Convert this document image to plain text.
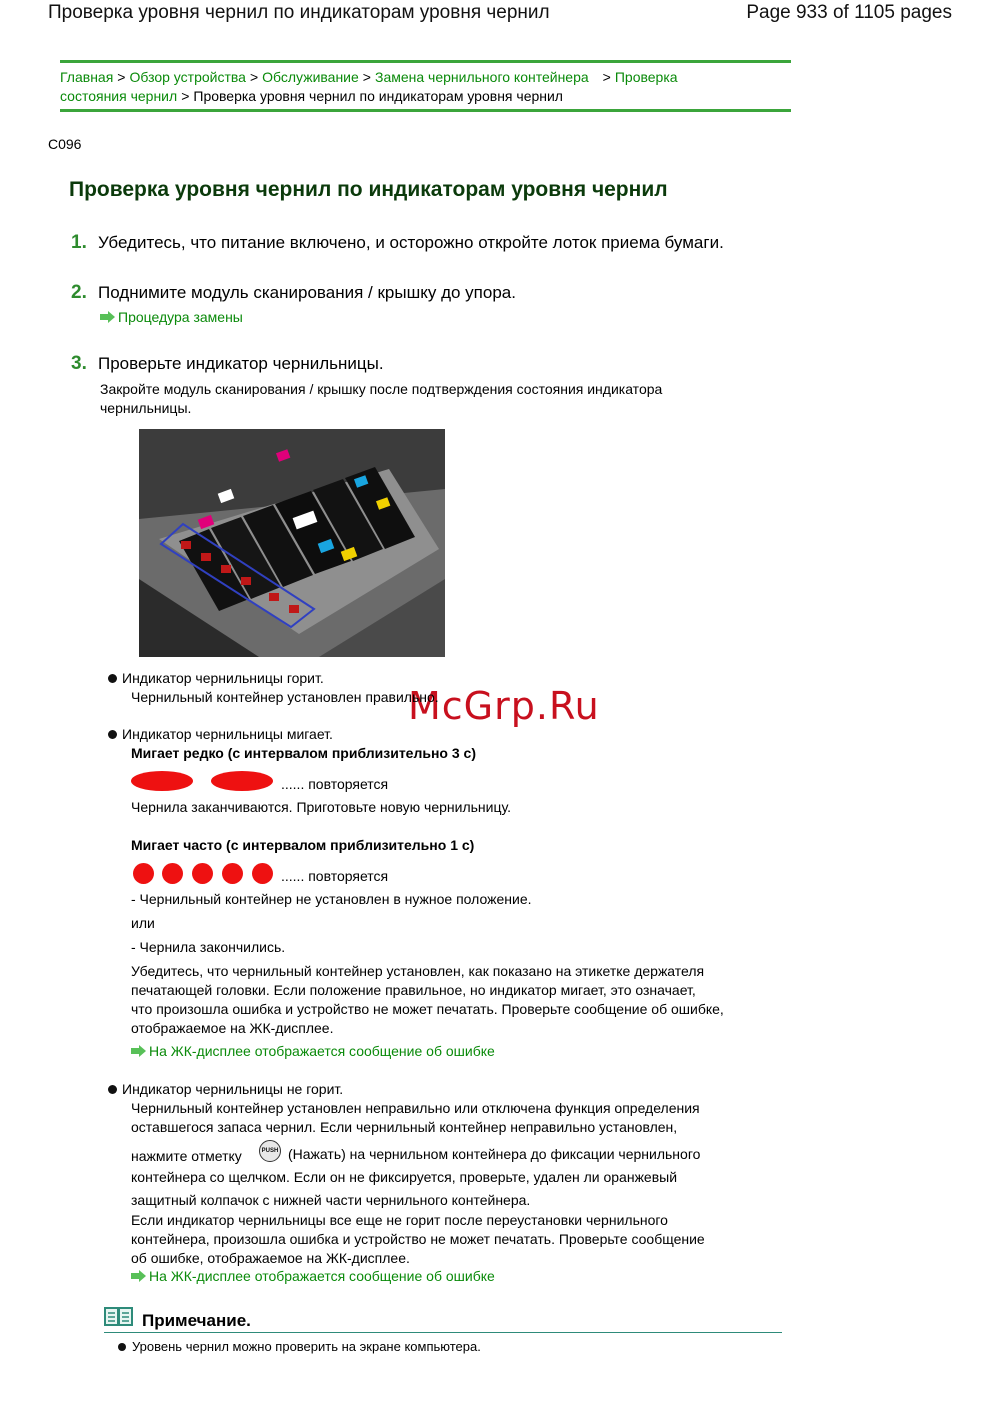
Проверка уровня чернил по индикаторам уровня чернил	Page 933 of 1105 pages
Главная > Обзор устройства > Обслуживание > Замена чернильного контейнера > Проверка
состояния чернил > Проверка уровня чернил по индикаторам уровня чернил
C096
Проверка уровня чернил по индикаторам уровня чернил
1. Убедитесь, что питание включено, и осторожно откройте лоток приема бумаги.
2. Поднимите модуль сканирования / крышку до упора.
Процедура замены
3. Проверьте индикатор чернильницы.
Закройте модуль сканирования / крышку после подтверждения состояния индикатора
чернильницы.
McGrp.Ru
Индикатор чернильницы горит.
Чернильный контейнер установлен правильно.
Индикатор чернильницы мигает.
Мигает редко (с интервалом приблизительно 3 с)
...... повторяется
Чернила заканчиваются. Приготовьте новую чернильницу.
Мигает часто (с интервалом приблизительно 1 с)
...... повторяется
- Чернильный контейнер не установлен в нужное положение.
или
- Чернила закончились.
Убедитесь, что чернильный контейнер установлен, как показано на этикетке держателя
печатающей головки. Если положение правильное, но индикатор мигает, это означает,
что произошла ошибка и устройство не может печатать. Проверьте сообщение об ошибке,
отображаемое на ЖК-дисплее.
На ЖК-дисплее отображается сообщение об ошибке
Индикатор чернильницы не горит.
Чернильный контейнер установлен неправильно или отключена функция определения
оставшегося запаса чернил. Если чернильный контейнер неправильно установлен,
нажмите отметку	PUSH (Нажать) на чернильном контейнера до фиксации чернильного
контейнера со щелчком. Если он не фиксируется, проверьте, удален ли оранжевый
защитный колпачок с нижней части чернильного контейнера.
Если индикатор чернильницы все еще не горит после переустановки чернильного
контейнера, произошла ошибка и устройство не может печатать. Проверьте сообщение
об ошибке, отображаемое на ЖК-дисплее.
На ЖК-дисплее отображается сообщение об ошибке
Примечание.
Уровень чернил можно проверить на экране компьютера.
